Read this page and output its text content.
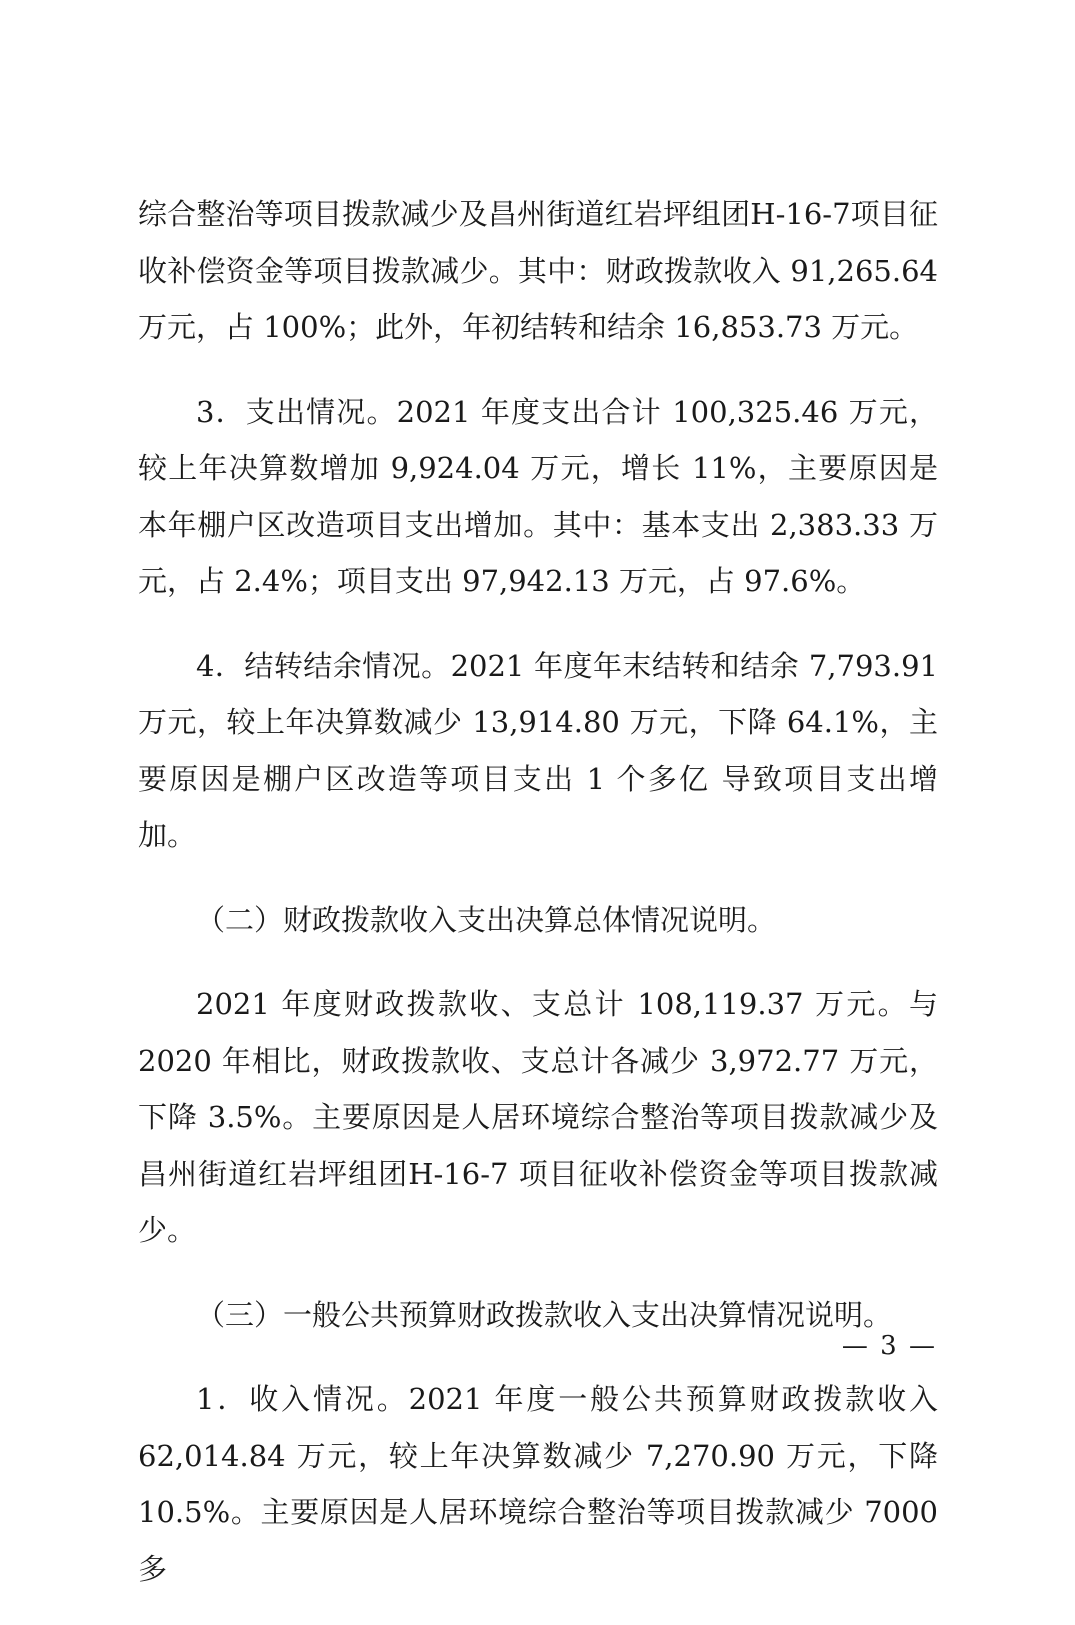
综合整治等项目拨款减少及昌州街道红岩坪组团H-16-7项目征收补偿资金等项目拨款减少。其中：财政拨款收入 91,265.64 万元，占 100%；此外，年初结转和结余 16,853.73 万元。

3．支出情况。2021 年度支出合计 100,325.46 万元，较上年决算数增加 9,924.04 万元，增长 11%，主要原因是本年棚户区改造项目支出增加。其中：基本支出 2,383.33 万元，占 2.4%；项目支出 97,942.13 万元，占 97.6%。

4．结转结余情况。2021 年度年末结转和结余 7,793.91 万元，较上年决算数减少 13,914.80 万元，下降 64.1%，主要原因是棚户区改造等项目支出 1 个多亿 导致项目支出增加。

（二）财政拨款收入支出决算总体情况说明。

2021 年度财政拨款收、支总计 108,119.37 万元。与 2020 年相比，财政拨款收、支总计各减少 3,972.77 万元，下降 3.5%。主要原因是人居环境综合整治等项目拨款减少及昌州街道红岩坪组团H-16-7 项目征收补偿资金等项目拨款减少。

（三）一般公共预算财政拨款收入支出决算情况说明。

1．收入情况。2021 年度一般公共预算财政拨款收入 62,014.84 万元，较上年决算数减少 7,270.90 万元，下降 10.5%。主要原因是人居环境综合整治等项目拨款减少 7000 多

— 3 —
